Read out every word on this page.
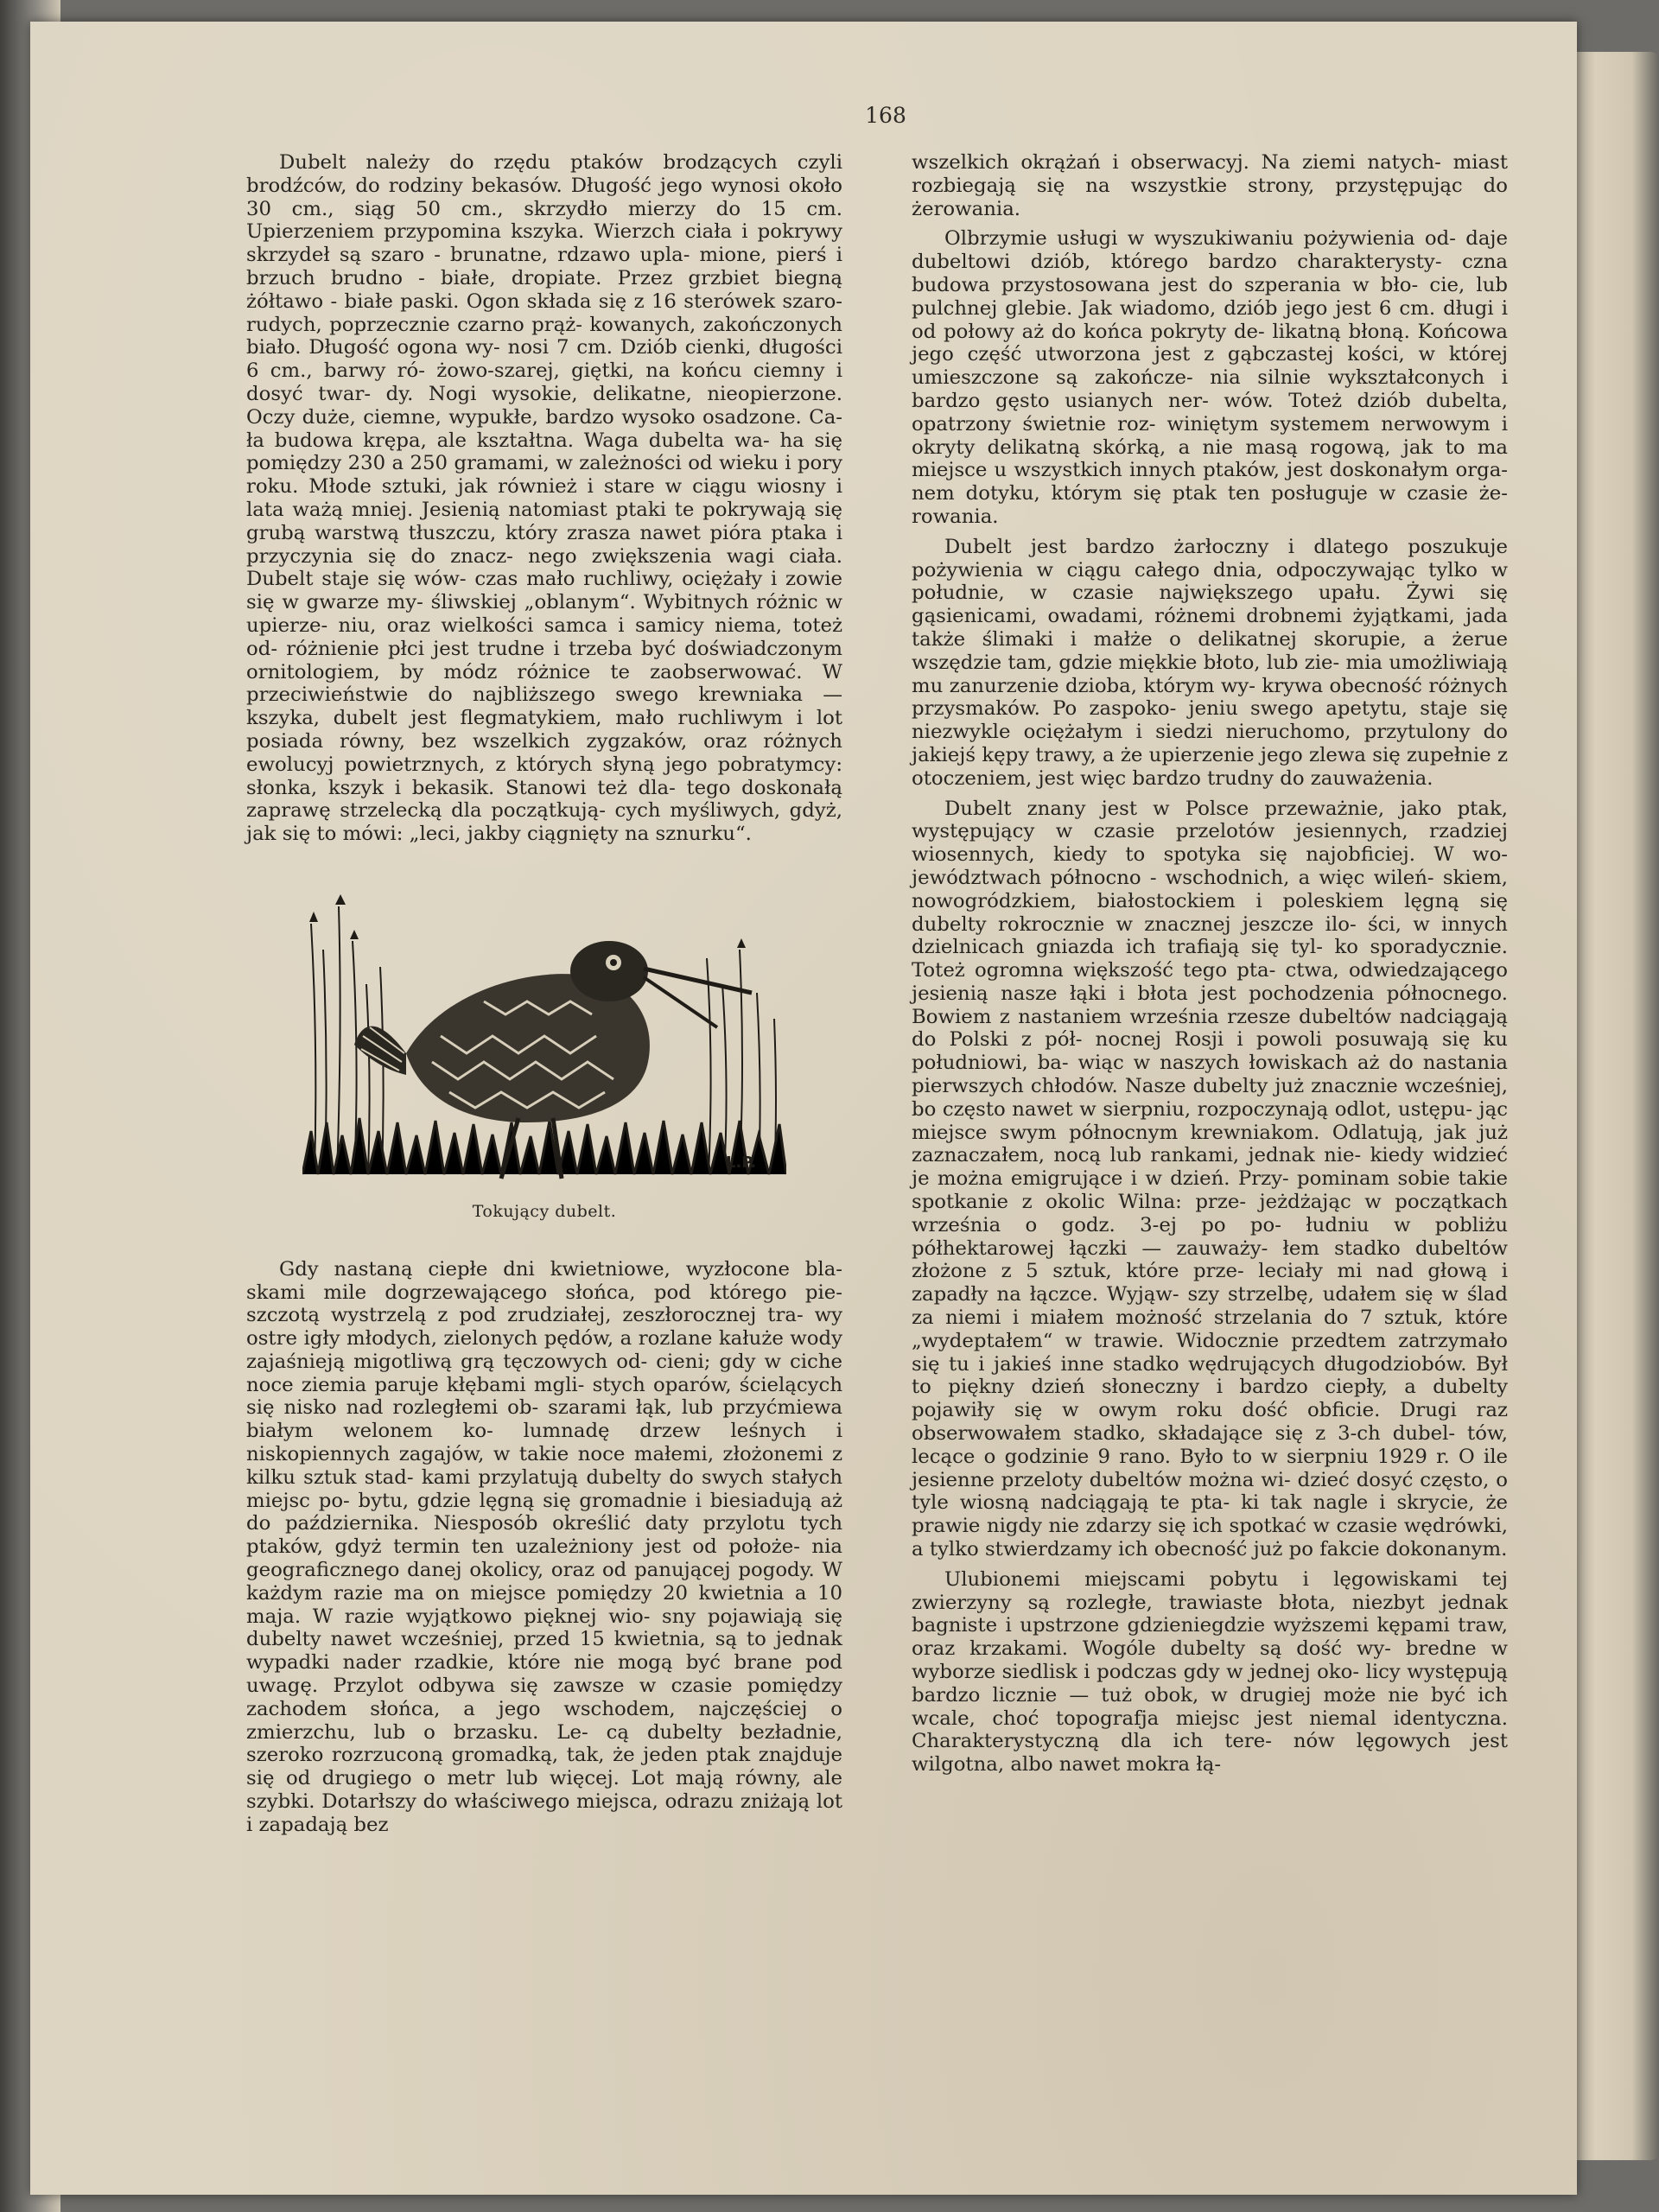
168

Dubelt należy do rzędu ptaków brodzących czyli brodźców, do rodziny bekasów. Długość jego wynosi około 30 cm., siąg 50 cm., skrzydło mierzy do 15 cm. Upierzeniem przypomina kszyka. Wierzch ciała i pokrywy skrzydeł są szaro - brunatne, rdzawo upla- mione, pierś i brzuch brudno - białe, dropiate. Przez grzbiet biegną żółtawo - białe paski. Ogon składa się z 16 sterówek szaro-rudych, poprzecznie czarno prąż- kowanych, zakończonych biało. Długość ogona wy- nosi 7 cm. Dziób cienki, długości 6 cm., barwy ró- żowo-szarej, giętki, na końcu ciemny i dosyć twar- dy. Nogi wysokie, delikatne, nieopierzone. Oczy duże, ciemne, wypukłe, bardzo wysoko osadzone. Ca- ła budowa krępa, ale kształtna. Waga dubelta wa- ha się pomiędzy 230 a 250 gramami, w zależności od wieku i pory roku. Młode sztuki, jak również i stare w ciągu wiosny i lata ważą mniej. Jesienią natomiast ptaki te pokrywają się grubą warstwą tłuszczu, który zrasza nawet pióra ptaka i przyczynia się do znacz- nego zwiększenia wagi ciała. Dubelt staje się wów- czas mało ruchliwy, ociężały i zowie się w gwarze my- śliwskiej „oblanym“. Wybitnych różnic w upierze- niu, oraz wielkości samca i samicy niema, toteż od- różnienie płci jest trudne i trzeba być doświadczonym ornitologiem, by módz różnice te zaobserwować. W przeciwieństwie do najbliższego swego krewniaka — kszyka, dubelt jest flegmatykiem, mało ruchliwym i lot posiada równy, bez wszelkich zygzaków, oraz różnych ewolucyj powietrznych, z których słyną jego pobratymcy: słonka, kszyk i bekasik. Stanowi też dla- tego doskonałą zaprawę strzelecką dla początkują- cych myśliwych, gdyż, jak się to mówi: „leci, jakby ciągnięty na sznurku“.

L.P.
Tokujący dubelt.

Gdy nastaną ciepłe dni kwietniowe, wyzłocone bla- skami mile dogrzewającego słońca, pod którego pie- szczotą wystrzelą z pod zrudziałej, zeszłorocznej tra- wy ostre igły młodych, zielonych pędów, a rozlane kałuże wody zajaśnieją migotliwą grą tęczowych od- cieni; gdy w ciche noce ziemia paruje kłębami mgli- stych oparów, ścielących się nisko nad rozległemi ob- szarami łąk, lub przyćmiewa białym welonem ko- lumnadę drzew leśnych i niskopiennych zagajów, w takie noce małemi, złożonemi z kilku sztuk stad- kami przylatują dubelty do swych stałych miejsc po- bytu, gdzie lęgną się gromadnie i biesiadują aż do października. Niesposób określić daty przylotu tych ptaków, gdyż termin ten uzależniony jest od położe- nia geograficznego danej okolicy, oraz od panującej pogody. W każdym razie ma on miejsce pomiędzy 20 kwietnia a 10 maja. W razie wyjątkowo pięknej wio- sny pojawiają się dubelty nawet wcześniej, przed 15 kwietnia, są to jednak wypadki nader rzadkie, które nie mogą być brane pod uwagę. Przylot odbywa się zawsze w czasie pomiędzy zachodem słońca, a jego wschodem, najczęściej o zmierzchu, lub o brzasku. Le- cą dubelty bezładnie, szeroko rozrzuconą gromadką, tak, że jeden ptak znajduje się od drugiego o metr lub więcej. Lot mają równy, ale szybki. Dotarłszy do właściwego miejsca, odrazu zniżają lot i zapadają bez

wszelkich okrążań i obserwacyj. Na ziemi natych- miast rozbiegają się na wszystkie strony, przystępując do żerowania.

Olbrzymie usługi w wyszukiwaniu pożywienia od- daje dubeltowi dziób, którego bardzo charakterysty- czna budowa przystosowana jest do szperania w bło- cie, lub pulchnej glebie. Jak wiadomo, dziób jego jest 6 cm. długi i od połowy aż do końca pokryty de- likatną błoną. Końcowa jego część utworzona jest z gąbczastej kości, w której umieszczone są zakończe- nia silnie wykształconych i bardzo gęsto usianych ner- wów. Toteż dziób dubelta, opatrzony świetnie roz- winiętym systemem nerwowym i okryty delikatną skórką, a nie masą rogową, jak to ma miejsce u wszystkich innych ptaków, jest doskonałym orga- nem dotyku, którym się ptak ten posługuje w czasie że- rowania.

Dubelt jest bardzo żarłoczny i dlatego poszukuje pożywienia w ciągu całego dnia, odpoczywając tylko w południe, w czasie największego upału. Żywi się gąsienicami, owadami, różnemi drobnemi żyjątkami, jada także ślimaki i małże o delikatnej skorupie, a żerue wszędzie tam, gdzie miękkie błoto, lub zie- mia umożliwiają mu zanurzenie dzioba, którym wy- krywa obecność różnych przysmaków. Po zaspoko- jeniu swego apetytu, staje się niezwykle ociężałym i siedzi nieruchomo, przytulony do jakiejś kępy trawy, a że upierzenie jego zlewa się zupełnie z otoczeniem, jest więc bardzo trudny do zauważenia.

Dubelt znany jest w Polsce przeważnie, jako ptak, występujący w czasie przelotów jesiennych, rzadziej wiosennych, kiedy to spotyka się najobficiej. W wo- jewództwach północno - wschodnich, a więc wileń- skiem, nowogródzkiem, białostockiem i poleskiem lęgną się dubelty rokrocznie w znacznej jeszcze ilo- ści, w innych dzielnicach gniazda ich trafiają się tyl- ko sporadycznie. Toteż ogromna większość tego pta- ctwa, odwiedzającego jesienią nasze łąki i błota jest pochodzenia północnego. Bowiem z nastaniem września rzesze dubeltów nadciągają do Polski z pół- nocnej Rosji i powoli posuwają się ku południowi, ba- wiąc w naszych łowiskach aż do nastania pierwszych chłodów. Nasze dubelty już znacznie wcześniej, bo często nawet w sierpniu, rozpoczynają odlot, ustępu- jąc miejsce swym północnym krewniakom. Odlatują, jak już zaznaczałem, nocą lub rankami, jednak nie- kiedy widzieć je można emigrujące i w dzień. Przy- pominam sobie takie spotkanie z okolic Wilna: prze- jeżdżając w początkach września o godz. 3-ej po po- łudniu w pobliżu półhektarowej łączki — zauważy- łem stadko dubeltów złożone z 5 sztuk, które prze- leciały mi nad głową i zapadły na łączce. Wyjąw- szy strzelbę, udałem się w ślad za niemi i miałem możność strzelania do 7 sztuk, które „wydeptałem“ w trawie. Widocznie przedtem zatrzymało się tu i jakieś inne stadko wędrujących długodziobów. Był to piękny dzień słoneczny i bardzo ciepły, a dubelty pojawiły się w owym roku dość obficie. Drugi raz obserwowałem stadko, składające się z 3-ch dubel- tów, lecące o godzinie 9 rano. Było to w sierpniu 1929 r. O ile jesienne przeloty dubeltów można wi- dzieć dosyć często, o tyle wiosną nadciągają te pta- ki tak nagle i skrycie, że prawie nigdy nie zdarzy się ich spotkać w czasie wędrówki, a tylko stwierdzamy ich obecność już po fakcie dokonanym.

Ulubionemi miejscami pobytu i lęgowiskami tej zwierzyny są rozległe, trawiaste błota, niezbyt jednak bagniste i upstrzone gdzieniegdzie wyższemi kępami traw, oraz krzakami. Wogóle dubelty są dość wy- bredne w wyborze siedlisk i podczas gdy w jednej oko- licy występują bardzo licznie — tuż obok, w drugiej może nie być ich wcale, choć topografja miejsc jest niemal identyczna. Charakterystyczną dla ich tere- nów lęgowych jest wilgotna, albo nawet mokra łą-
